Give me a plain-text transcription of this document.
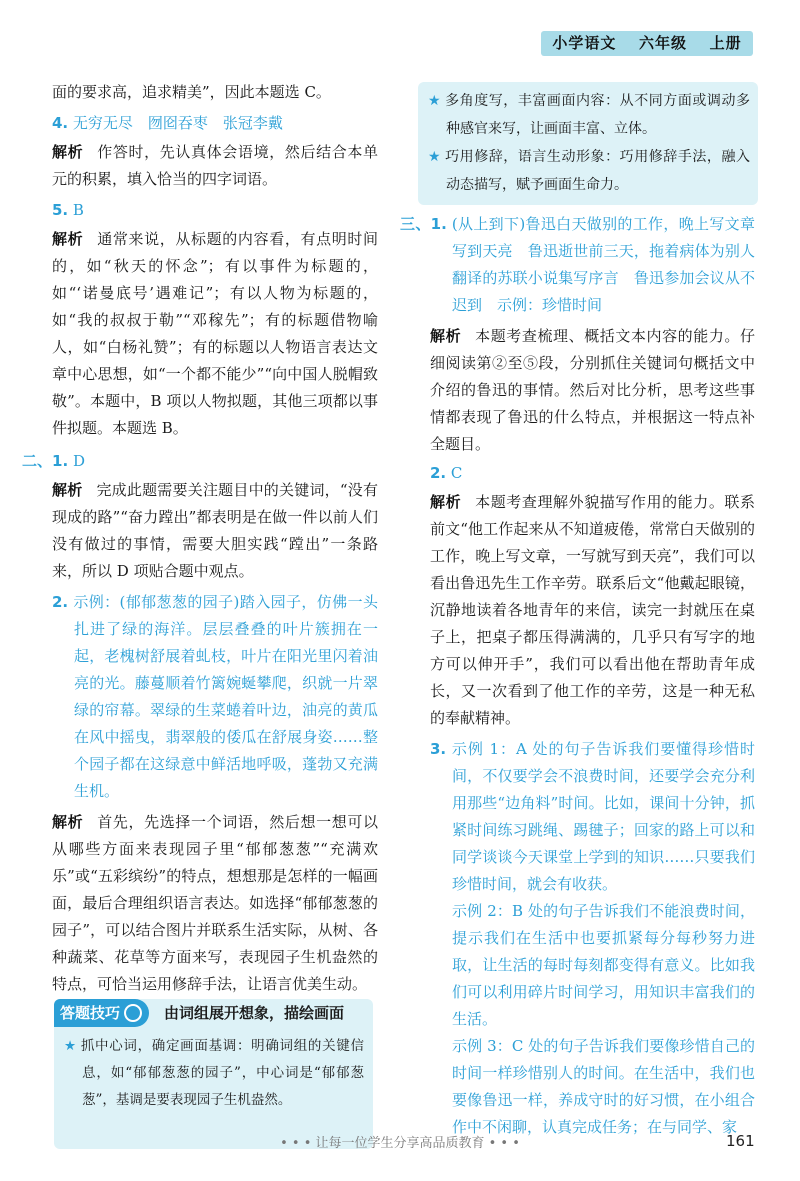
小学语文 六年级 上册

面的要求高，追求精美”，因此本题选 C。

4. 无穷无尽　囫囵吞枣　张冠李戴

解析 作答时，先认真体会语境，然后结合本单元的积累，填入恰当的四字词语。

5. B

解析 通常来说，从标题的内容看，有点明时间的，如“秋天的怀念”；有以事件为标题的，如“‘诺曼底号’遇难记”；有以人物为标题的，如“我的叔叔于勒”“邓稼先”；有的标题借物喻人，如“白杨礼赞”；有的标题以人物语言表达文章中心思想，如“一个都不能少”“向中国人脱帽致敬”。本题中，B 项以人物拟题，其他三项都以事件拟题。本题选 B。

二、1. D

解析 完成此题需要关注题目中的关键词，“没有现成的路”“奋力蹚出”都表明是在做一件以前人们没有做过的事情，需要大胆实践“蹚出”一条路来，所以 D 项贴合题中观点。

2. 示例：(郁郁葱葱的园子)踏入园子，仿佛一头扎进了绿的海洋。层层叠叠的叶片簇拥在一起，老槐树舒展着虬枝，叶片在阳光里闪着油亮的光。藤蔓顺着竹篱婉蜒攀爬，织就一片翠绿的帘幕。翠绿的生菜蜷着叶边，油亮的黄瓜在风中摇曳，翡翠般的倭瓜在舒展身姿……整个园子都在这绿意中鲜活地呼吸，蓬勃又充满生机。

解析 首先，先选择一个词语，然后想一想可以从哪些方面来表现园子里“郁郁葱葱”“充满欢乐”或“五彩缤纷”的特点，想想那是怎样的一幅画面，最后合理组织语言表达。如选择“郁郁葱葱的园子”，可以结合图片并联系生活实际，从树、各种蔬菜、花草等方面来写，表现园子生机盎然的特点，可恰当运用修辞手法，让语言优美生动。

答题技巧	由词组展开想象，描绘画面

★ 抓中心词，确定画面基调：明确词组的关键信息，如“郁郁葱葱的园子”，中心词是“郁郁葱葱”，基调是要表现园子生机盎然。

★ 多角度写，丰富画面内容：从不同方面或调动多种感官来写，让画面丰富、立体。

★ 巧用修辞，语言生动形象：巧用修辞手法，融入动态描写，赋予画面生命力。

三、1. (从上到下)鲁迅白天做别的工作，晚上写文章写到天亮　鲁迅逝世前三天，拖着病体为别人翻译的苏联小说集写序言　鲁迅参加会议从不迟到　示例：珍惜时间

解析 本题考查梳理、概括文本内容的能力。仔细阅读第②至⑤段，分别抓住关键词句概括文中介绍的鲁迅的事情。然后对比分析，思考这些事情都表现了鲁迅的什么特点，并根据这一特点补全题目。

2. C

解析 本题考查理解外貌描写作用的能力。联系前文“他工作起来从不知道疲倦，常常白天做别的工作，晚上写文章，一写就写到天亮”，我们可以看出鲁迅先生工作辛劳。联系后文“他戴起眼镜，沉静地读着各地青年的来信，读完一封就压在桌子上，把桌子都压得满满的，几乎只有写字的地方可以伸开手”，我们可以看出他在帮助青年成长，又一次看到了他工作的辛劳，这是一种无私的奉献精神。

3. 示例 1：A 处的句子告诉我们要懂得珍惜时间，不仅要学会不浪费时间，还要学会充分利用那些“边角料”时间。比如，课间十分钟，抓紧时间练习跳绳、踢毽子；回家的路上可以和同学谈谈今天课堂上学到的知识……只要我们珍惜时间，就会有收获。

示例 2：B 处的句子告诉我们不能浪费时间，提示我们在生活中也要抓紧每分每秒努力进取，让生活的每时每刻都变得有意义。比如我们可以利用碎片时间学习，用知识丰富我们的生活。

示例 3：C 处的句子告诉我们要像珍惜自己的时间一样珍惜别人的时间。在生活中，我们也要像鲁迅一样，养成守时的好习惯，在小组合作中不闲聊，认真完成任务；在与同学、家

• • • 让每一位学生分享高品质教育 • • •	161
